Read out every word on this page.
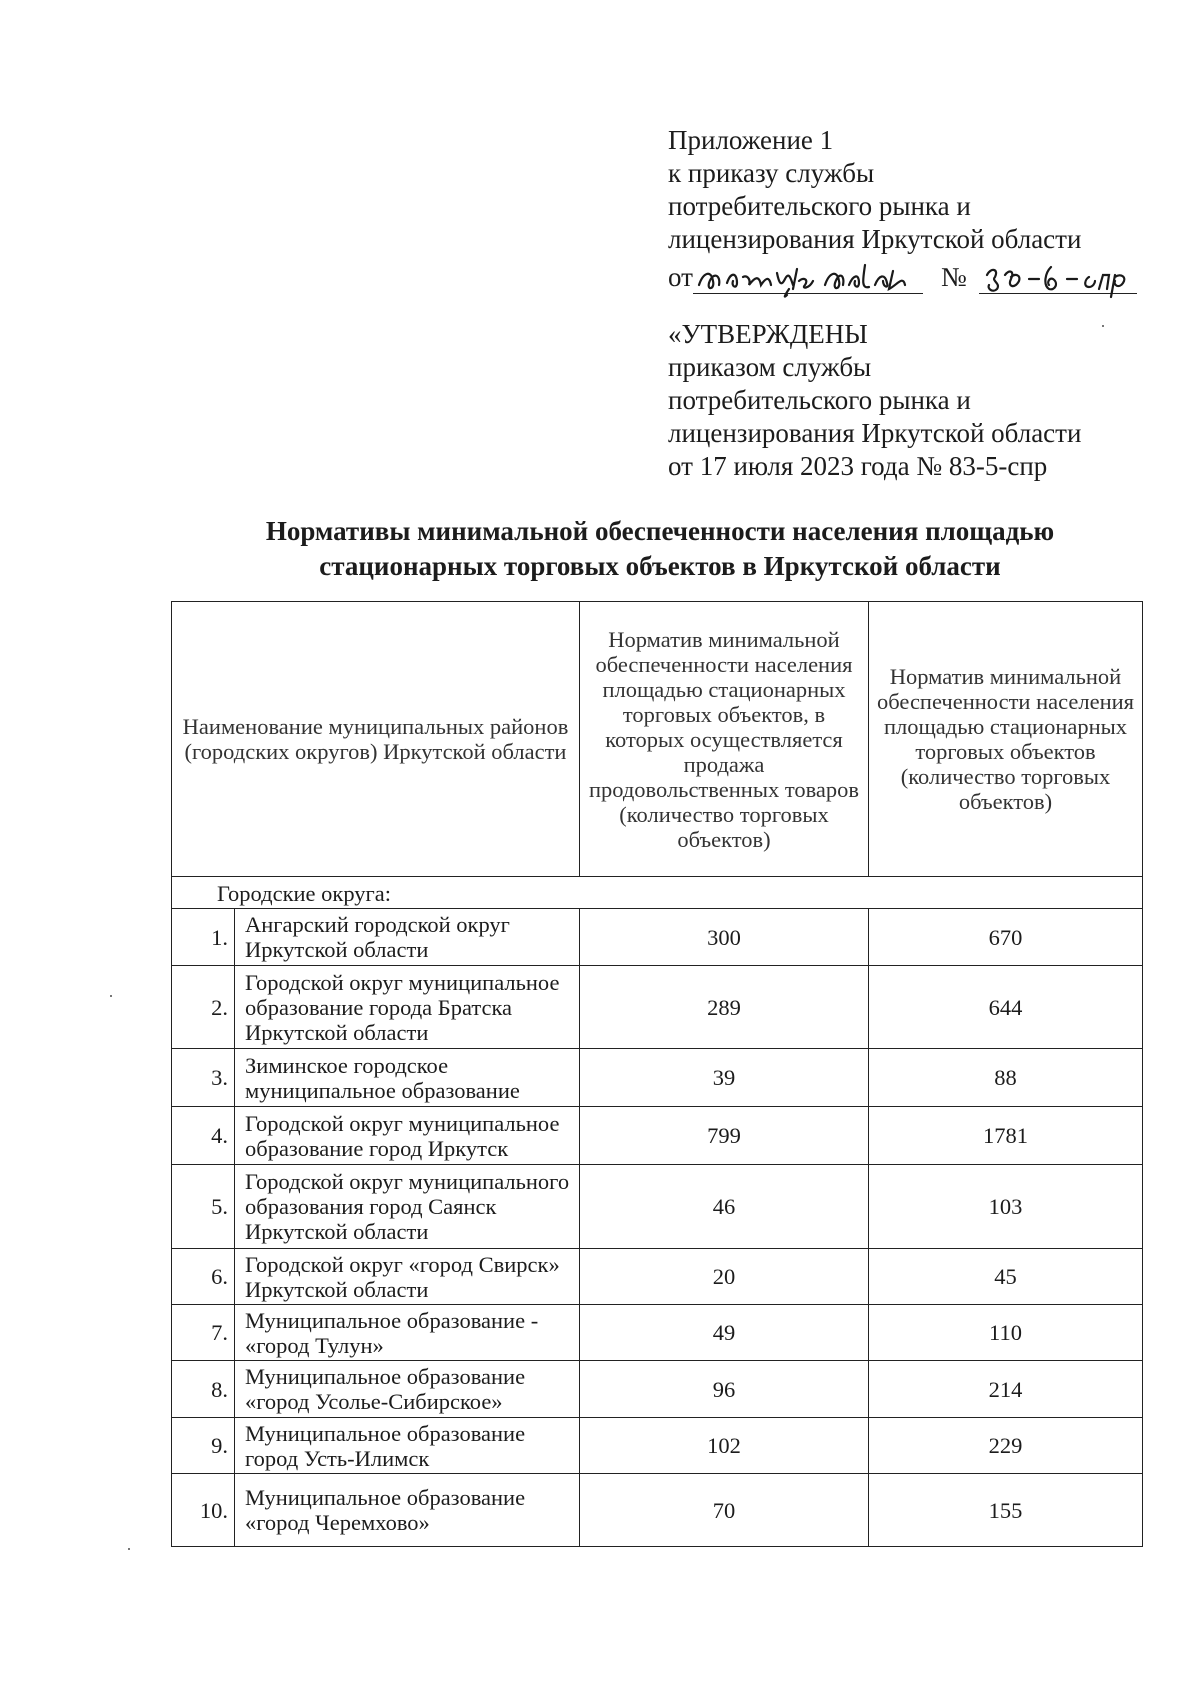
Приложение 1
к приказу службы
потребительского рынка и
лицензирования Иркутской области
от	№
«УТВЕРЖДЕНЫ
приказом службы
потребительского рынка и
лицензирования Иркутской области
от 17 июля 2023 года № 83-5-спр
Нормативы минимальной обеспеченности населения площадью
стационарных торговых объектов в Иркутской области
Наименование муниципальных районов (городских округов) Иркутской области		Норматив минимальной обеспеченности населения площадью стационарных торговых объектов, в которых осуществляется продажа продовольственных товаров (количество торговых объектов)	Норматив минимальной обеспеченности населения площадью стационарных торговых объектов (количество торговых объектов)
Городские округа:			
1.	Ангарский городской округ Иркутской области	300	670
2.	Городской округ муниципальное образование города Братска Иркутской области	289	644
3.	Зиминское городское муниципальное образование	39	88
4.	Городской округ муниципальное образование город Иркутск	799	1781
5.	Городской округ муниципального образования город Саянск Иркутской области	46	103
6.	Городской округ «город Свирск» Иркутской области	20	45
7.	Муниципальное образование - «город Тулун»	49	110
8.	Муниципальное образование «город Усолье-Сибирское»	96	214
9.	Муниципальное образование город Усть-Илимск	102	229
10.	Муниципальное образование «город Черемхово»	70	155
